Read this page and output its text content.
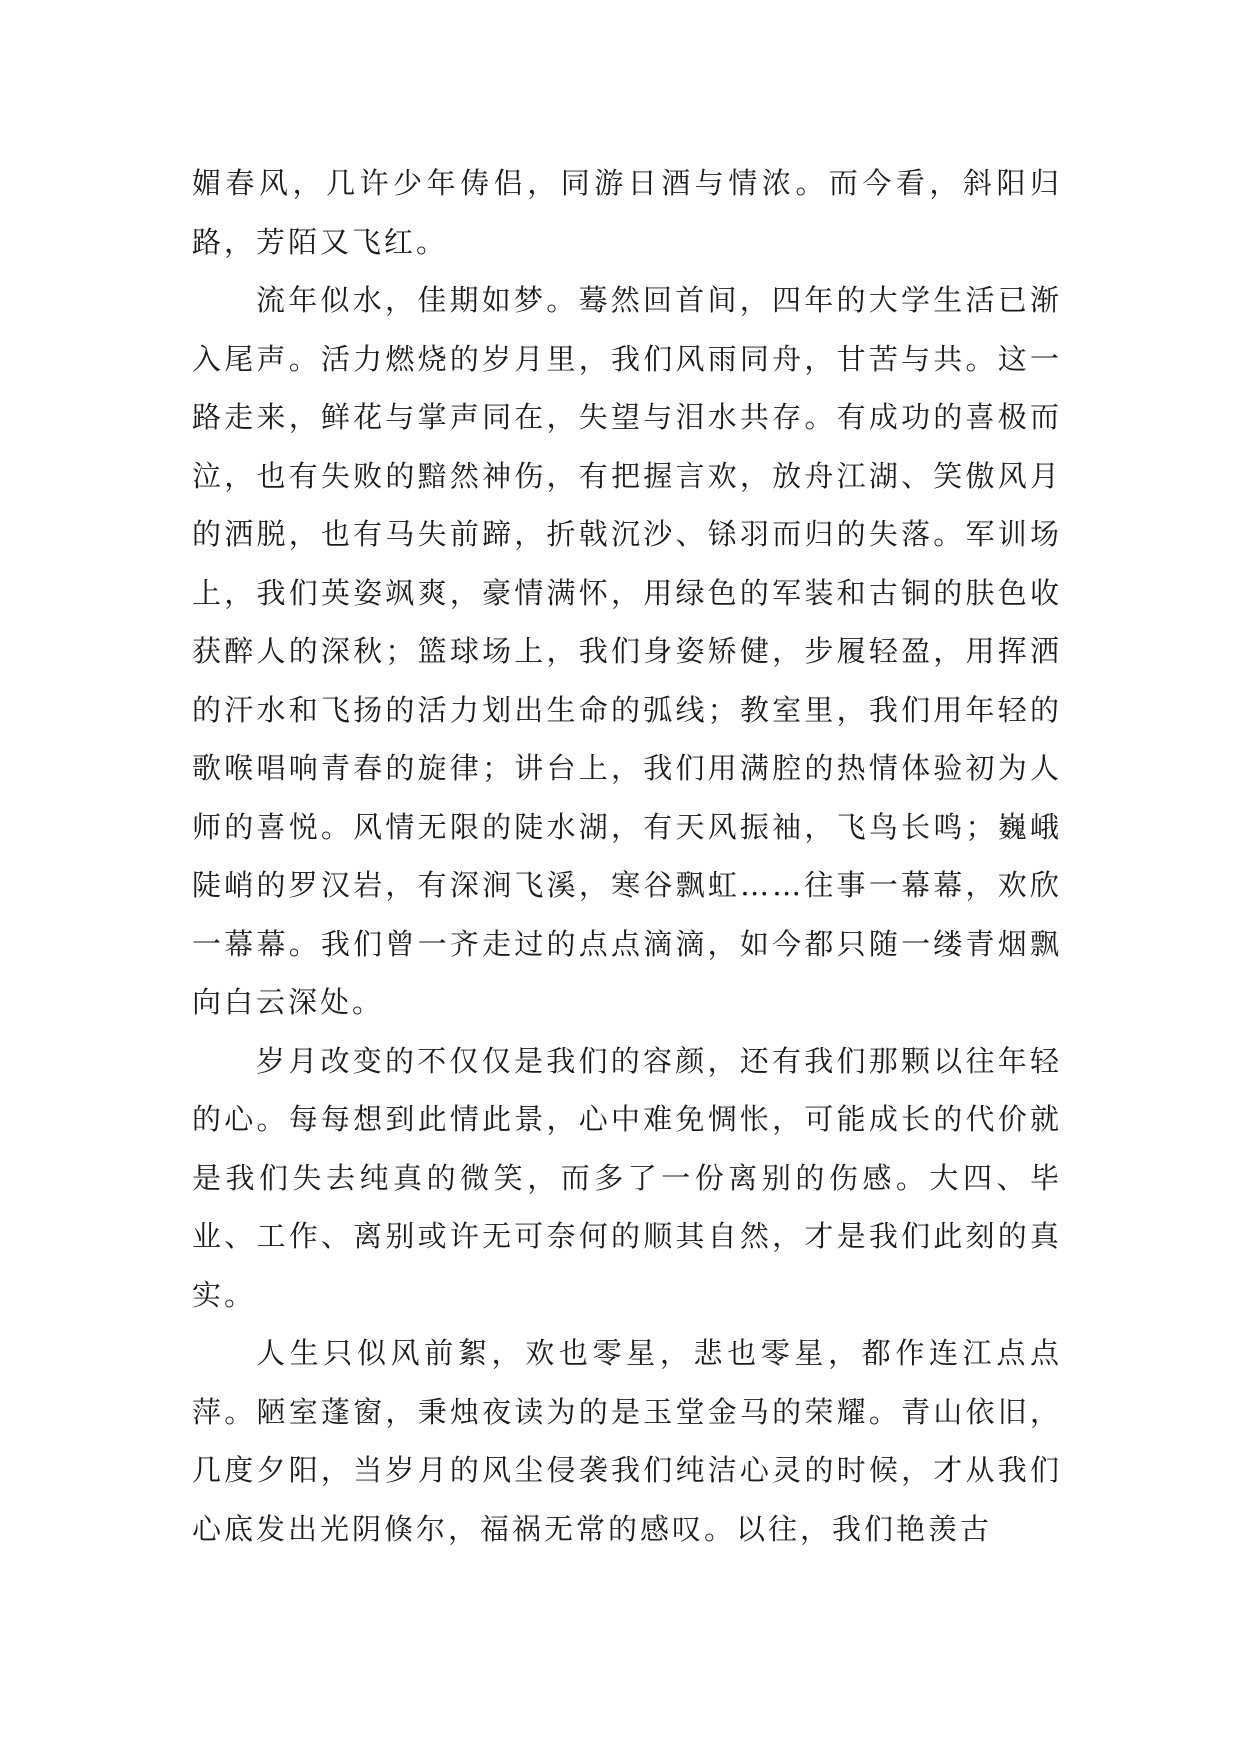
媚春风，几许少年俦侣，同游日酒与情浓。而今看，斜阳归路，芳陌又飞红。

流年似水，佳期如梦。蓦然回首间，四年的大学生活已渐入尾声。活力燃烧的岁月里，我们风雨同舟，甘苦与共。这一路走来，鲜花与掌声同在，失望与泪水共存。有成功的喜极而泣，也有失败的黯然神伤，有把握言欢，放舟江湖、笑傲风月的洒脱，也有马失前蹄，折戟沉沙、铩羽而归的失落。军训场上，我们英姿飒爽，豪情满怀，用绿色的军装和古铜的肤色收获醉人的深秋；篮球场上，我们身姿矫健，步履轻盈，用挥洒的汗水和飞扬的活力划出生命的弧线；教室里，我们用年轻的歌喉唱响青春的旋律；讲台上，我们用满腔的热情体验初为人师的喜悦。风情无限的陡水湖，有天风振袖，飞鸟长鸣；巍峨陡峭的罗汉岩，有深涧飞溪，寒谷飘虹……往事一幕幕，欢欣一幕幕。我们曾一齐走过的点点滴滴，如今都只随一缕青烟飘向白云深处。

岁月改变的不仅仅是我们的容颜，还有我们那颗以往年轻的心。每每想到此情此景，心中难免惆怅，可能成长的代价就是我们失去纯真的微笑，而多了一份离别的伤感。大四、毕业、工作、离别或许无可奈何的顺其自然，才是我们此刻的真实。

人生只似风前絮，欢也零星，悲也零星，都作连江点点萍。陋室蓬窗，秉烛夜读为的是玉堂金马的荣耀。青山依旧，几度夕阳，当岁月的风尘侵袭我们纯洁心灵的时候，才从我们心底发出光阴倏尔，福祸无常的感叹。以往，我们艳羡古
